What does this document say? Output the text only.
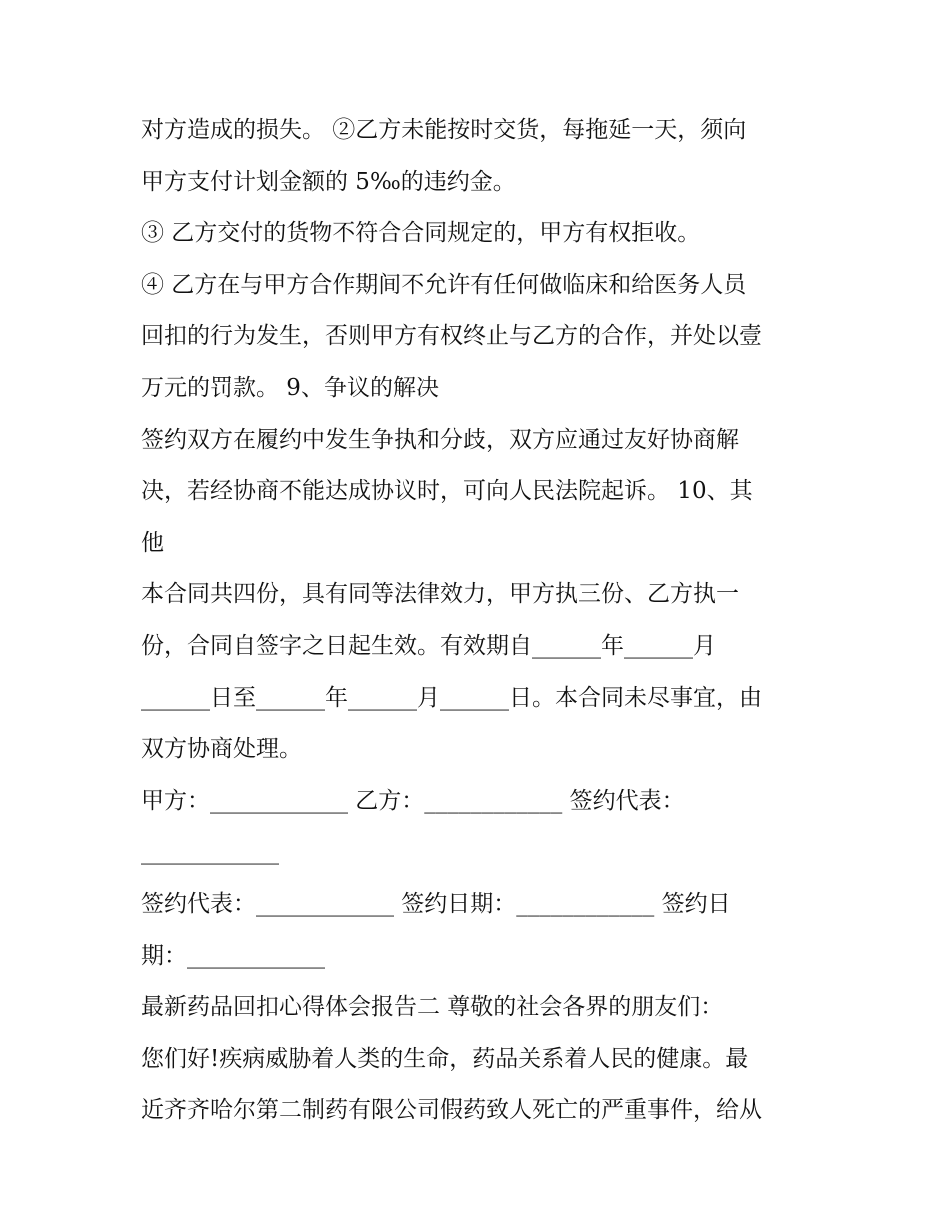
对方造成的损失。 ②乙方未能按时交货，每拖延一天，须向
甲方支付计划金额的 5‰的违约金。
③ 乙方交付的货物不符合合同规定的，甲方有权拒收。
④ 乙方在与甲方合作期间不允许有任何做临床和给医务人员
回扣的行为发生，否则甲方有权终止与乙方的合作，并处以壹
万元的罚款。 9、争议的解决
签约双方在履约中发生争执和分歧，双方应通过友好协商解
决，若经协商不能达成协议时，可向人民法院起诉。 10、其
他
本合同共四份，具有同等法律效力，甲方执三份、乙方执一
份，合同自签字之日起生效。有效期自______年______月
______日至______年______月______日。本合同未尽事宜，由
双方协商处理。
甲方：____________ 乙方：____________ 签约代表：
____________
签约代表：____________ 签约日期：____________ 签约日
期：____________
最新药品回扣心得体会报告二 尊敬的社会各界的朋友们：
您们好!疾病威胁着人类的生命，药品关系着人民的健康。最
近齐齐哈尔第二制药有限公司假药致人死亡的严重事件，给从
